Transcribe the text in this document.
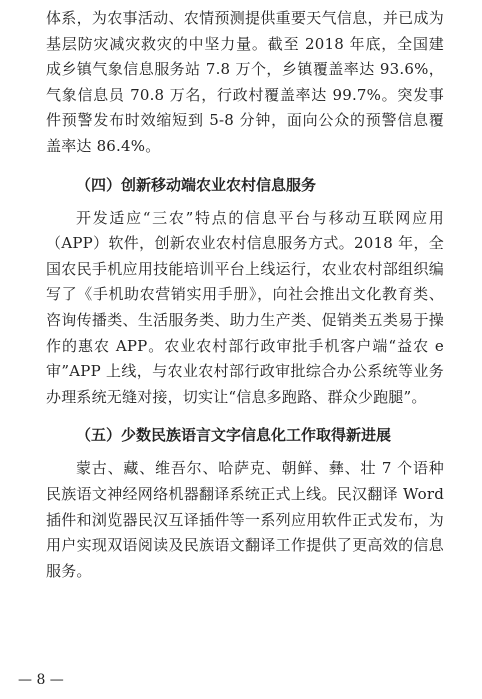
体系，为农事活动、农情预测提供重要天气信息，并已成为基层防灾减灾救灾的中坚力量。截至 2018 年底，全国建成乡镇气象信息服务站 7.8 万个，乡镇覆盖率达 93.6%，气象信息员 70.8 万名，行政村覆盖率达 99.7%。突发事件预警发布时效缩短到 5-8 分钟，面向公众的预警信息覆盖率达 86.4%。

（四）创新移动端农业农村信息服务

开发适应“三农”特点的信息平台与移动互联网应用（APP）软件，创新农业农村信息服务方式。2018 年，全国农民手机应用技能培训平台上线运行，农业农村部组织编写了《手机助农营销实用手册》，向社会推出文化教育类、咨询传播类、生活服务类、助力生产类、促销类五类易于操作的惠农 APP。农业农村部行政审批手机客户端“益农 e 审”APP 上线，与农业农村部行政审批综合办公系统等业务办理系统无缝对接，切实让“信息多跑路、群众少跑腿”。

（五）少数民族语言文字信息化工作取得新进展

蒙古、藏、维吾尔、哈萨克、朝鲜、彝、壮 7 个语种民族语文神经网络机器翻译系统正式上线。民汉翻译 Word 插件和浏览器民汉互译插件等一系列应用软件正式发布，为用户实现双语阅读及民族语文翻译工作提供了更高效的信息服务。

— 8 —
